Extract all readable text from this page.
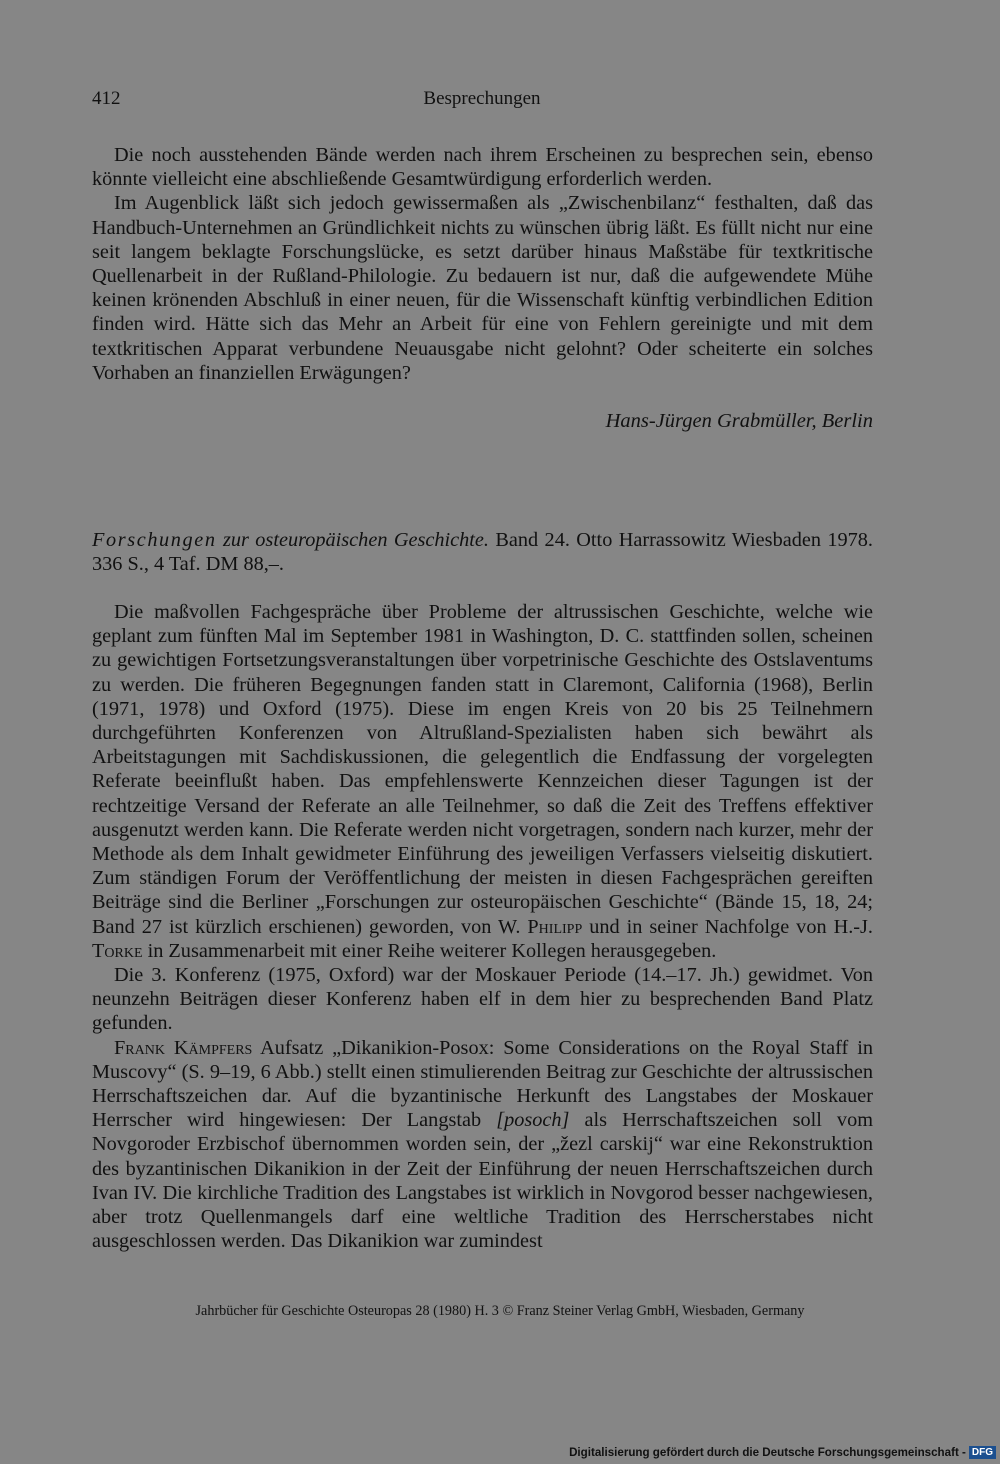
412	Besprechungen

Die noch ausstehenden Bände werden nach ihrem Erscheinen zu besprechen sein, ebenso könnte vielleicht eine abschließende Gesamtwürdigung erforderlich werden.

Im Augenblick läßt sich jedoch gewissermaßen als „Zwischenbilanz“ festhalten, daß das Handbuch-Unternehmen an Gründlichkeit nichts zu wünschen übrig läßt. Es füllt nicht nur eine seit langem beklagte Forschungslücke, es setzt darüber hinaus Maßstäbe für textkritische Quellenarbeit in der Rußland-Philologie. Zu bedauern ist nur, daß die aufgewendete Mühe keinen krönenden Abschluß in einer neuen, für die Wissenschaft künftig verbindlichen Edition finden wird. Hätte sich das Mehr an Arbeit für eine von Fehlern gereinigte und mit dem textkritischen Apparat verbundene Neuausgabe nicht gelohnt? Oder scheiterte ein solches Vorhaben an finanziellen Erwägungen?

Hans-Jürgen Grabmüller, Berlin

Forschungen zur osteuropäischen Geschichte. Band 24. Otto Harrassowitz Wiesbaden 1978. 336 S., 4 Taf. DM 88,–.

Die maßvollen Fachgespräche über Probleme der altrussischen Geschichte, welche wie geplant zum fünften Mal im September 1981 in Washington, D. C. stattfinden sollen, scheinen zu gewichtigen Fortsetzungsveranstaltungen über vorpetrinische Geschichte des Ostslaventums zu werden. Die früheren Begegnungen fanden statt in Claremont, California (1968), Berlin (1971, 1978) und Oxford (1975). Diese im engen Kreis von 20 bis 25 Teilnehmern durchgeführten Konferenzen von Altrußland-Spezialisten haben sich bewährt als Arbeitstagungen mit Sachdiskussionen, die gelegentlich die Endfassung der vorgelegten Referate beeinflußt haben. Das empfehlenswerte Kennzeichen dieser Tagungen ist der rechtzeitige Versand der Referate an alle Teilnehmer, so daß die Zeit des Treffens effektiver ausgenutzt werden kann. Die Referate werden nicht vorgetragen, sondern nach kurzer, mehr der Methode als dem Inhalt gewidmeter Einführung des jeweiligen Verfassers vielseitig diskutiert. Zum ständigen Forum der Veröffentlichung der meisten in diesen Fachgesprächen gereiften Beiträge sind die Berliner „Forschungen zur osteuropäischen Geschichte“ (Bände 15, 18, 24; Band 27 ist kürzlich erschienen) geworden, von W. Philipp und in seiner Nachfolge von H.-J. Torke in Zusammenarbeit mit einer Reihe weiterer Kollegen herausgegeben.

Die 3. Konferenz (1975, Oxford) war der Moskauer Periode (14.–17. Jh.) gewidmet. Von neunzehn Beiträgen dieser Konferenz haben elf in dem hier zu besprechenden Band Platz gefunden.

Frank Kämpfers Aufsatz „Dikanikion-Posox: Some Considerations on the Royal Staff in Muscovy“ (S. 9–19, 6 Abb.) stellt einen stimulierenden Beitrag zur Geschichte der altrussischen Herrschaftszeichen dar. Auf die byzantinische Herkunft des Langstabes der Moskauer Herrscher wird hingewiesen: Der Langstab [posoch] als Herrschaftszeichen soll vom Novgoroder Erzbischof übernommen worden sein, der „žezl carskij“ war eine Rekonstruktion des byzantinischen Dikanikion in der Zeit der Einführung der neuen Herrschaftszeichen durch Ivan IV. Die kirchliche Tradition des Langstabes ist wirklich in Novgorod besser nachgewiesen, aber trotz Quellenmangels darf eine weltliche Tradition des Herrscherstabes nicht ausgeschlossen werden. Das Dikanikion war zumindest

Jahrbücher für Geschichte Osteuropas 28 (1980) H. 3 © Franz Steiner Verlag GmbH, Wiesbaden, Germany
Digitalisierung gefördert durch die Deutsche Forschungsgemeinschaft - DFG
